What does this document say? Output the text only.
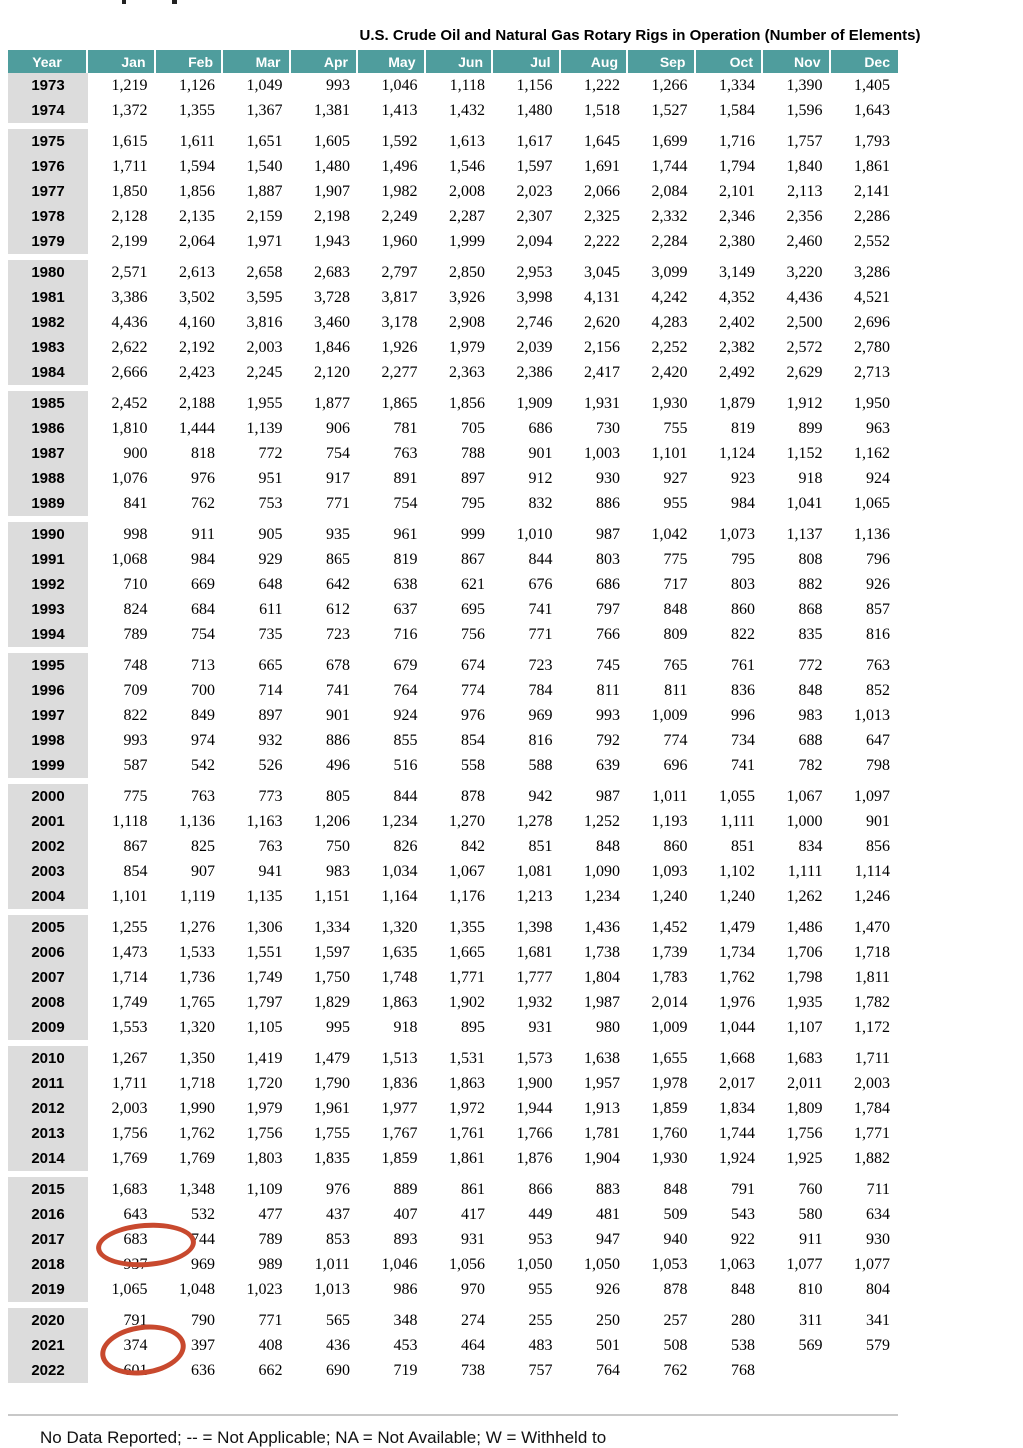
U.S. Crude Oil and Natural Gas Rotary Rigs in Operation (Number of Elements)
Year	Jan	Feb	Mar	Apr	May	Jun	Jul	Aug	Sep	Oct	Nov	Dec
1973	1,219	1,126	1,049	993	1,046	1,118	1,156	1,222	1,266	1,334	1,390	1,405
1974	1,372	1,355	1,367	1,381	1,413	1,432	1,480	1,518	1,527	1,584	1,596	1,643
1975	1,615	1,611	1,651	1,605	1,592	1,613	1,617	1,645	1,699	1,716	1,757	1,793
1976	1,711	1,594	1,540	1,480	1,496	1,546	1,597	1,691	1,744	1,794	1,840	1,861
1977	1,850	1,856	1,887	1,907	1,982	2,008	2,023	2,066	2,084	2,101	2,113	2,141
1978	2,128	2,135	2,159	2,198	2,249	2,287	2,307	2,325	2,332	2,346	2,356	2,286
1979	2,199	2,064	1,971	1,943	1,960	1,999	2,094	2,222	2,284	2,380	2,460	2,552
1980	2,571	2,613	2,658	2,683	2,797	2,850	2,953	3,045	3,099	3,149	3,220	3,286
1981	3,386	3,502	3,595	3,728	3,817	3,926	3,998	4,131	4,242	4,352	4,436	4,521
1982	4,436	4,160	3,816	3,460	3,178	2,908	2,746	2,620	4,283	2,402	2,500	2,696
1983	2,622	2,192	2,003	1,846	1,926	1,979	2,039	2,156	2,252	2,382	2,572	2,780
1984	2,666	2,423	2,245	2,120	2,277	2,363	2,386	2,417	2,420	2,492	2,629	2,713
1985	2,452	2,188	1,955	1,877	1,865	1,856	1,909	1,931	1,930	1,879	1,912	1,950
1986	1,810	1,444	1,139	906	781	705	686	730	755	819	899	963
1987	900	818	772	754	763	788	901	1,003	1,101	1,124	1,152	1,162
1988	1,076	976	951	917	891	897	912	930	927	923	918	924
1989	841	762	753	771	754	795	832	886	955	984	1,041	1,065
1990	998	911	905	935	961	999	1,010	987	1,042	1,073	1,137	1,136
1991	1,068	984	929	865	819	867	844	803	775	795	808	796
1992	710	669	648	642	638	621	676	686	717	803	882	926
1993	824	684	611	612	637	695	741	797	848	860	868	857
1994	789	754	735	723	716	756	771	766	809	822	835	816
1995	748	713	665	678	679	674	723	745	765	761	772	763
1996	709	700	714	741	764	774	784	811	811	836	848	852
1997	822	849	897	901	924	976	969	993	1,009	996	983	1,013
1998	993	974	932	886	855	854	816	792	774	734	688	647
1999	587	542	526	496	516	558	588	639	696	741	782	798
2000	775	763	773	805	844	878	942	987	1,011	1,055	1,067	1,097
2001	1,118	1,136	1,163	1,206	1,234	1,270	1,278	1,252	1,193	1,111	1,000	901
2002	867	825	763	750	826	842	851	848	860	851	834	856
2003	854	907	941	983	1,034	1,067	1,081	1,090	1,093	1,102	1,111	1,114
2004	1,101	1,119	1,135	1,151	1,164	1,176	1,213	1,234	1,240	1,240	1,262	1,246
2005	1,255	1,276	1,306	1,334	1,320	1,355	1,398	1,436	1,452	1,479	1,486	1,470
2006	1,473	1,533	1,551	1,597	1,635	1,665	1,681	1,738	1,739	1,734	1,706	1,718
2007	1,714	1,736	1,749	1,750	1,748	1,771	1,777	1,804	1,783	1,762	1,798	1,811
2008	1,749	1,765	1,797	1,829	1,863	1,902	1,932	1,987	2,014	1,976	1,935	1,782
2009	1,553	1,320	1,105	995	918	895	931	980	1,009	1,044	1,107	1,172
2010	1,267	1,350	1,419	1,479	1,513	1,531	1,573	1,638	1,655	1,668	1,683	1,711
2011	1,711	1,718	1,720	1,790	1,836	1,863	1,900	1,957	1,978	2,017	2,011	2,003
2012	2,003	1,990	1,979	1,961	1,977	1,972	1,944	1,913	1,859	1,834	1,809	1,784
2013	1,756	1,762	1,756	1,755	1,767	1,761	1,766	1,781	1,760	1,744	1,756	1,771
2014	1,769	1,769	1,803	1,835	1,859	1,861	1,876	1,904	1,930	1,924	1,925	1,882
2015	1,683	1,348	1,109	976	889	861	866	883	848	791	760	711
2016	643	532	477	437	407	417	449	481	509	543	580	634
2017	683	744	789	853	893	931	953	947	940	922	911	930
2018	937	969	989	1,011	1,046	1,056	1,050	1,050	1,053	1,063	1,077	1,077
2019	1,065	1,048	1,023	1,013	986	970	955	926	878	848	810	804
2020	791	790	771	565	348	274	255	250	257	280	311	341
2021	374	397	408	436	453	464	483	501	508	538	569	579
2022	601	636	662	690	719	738	757	764	762	768
No Data Reported; -- = Not Applicable; NA = Not Available; W = Withheld to
